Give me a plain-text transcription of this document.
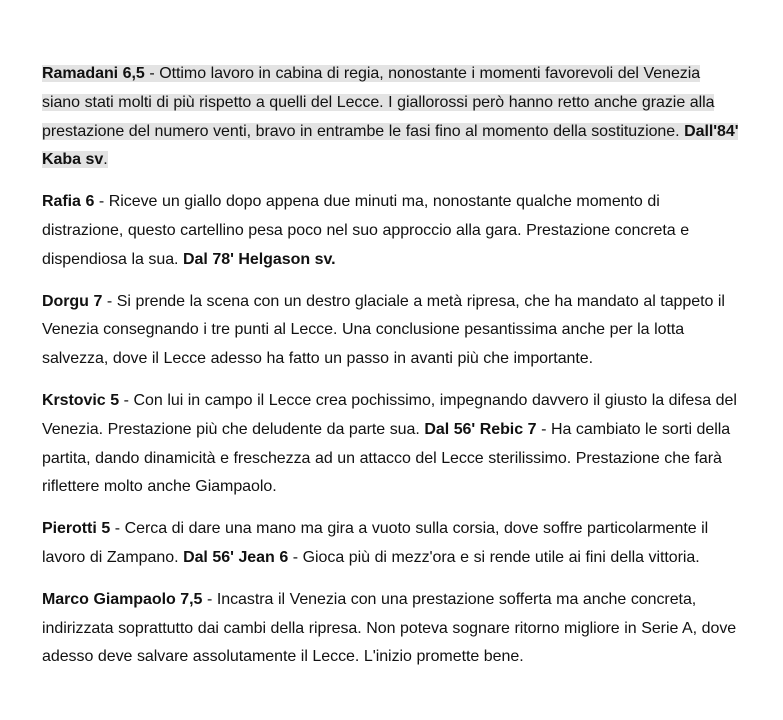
Ramadani 6,5 - Ottimo lavoro in cabina di regia, nonostante i momenti favorevoli del Venezia siano stati molti di più rispetto a quelli del Lecce. I giallorossi però hanno retto anche grazie alla prestazione del numero venti, bravo in entrambe le fasi fino al momento della sostituzione. Dall'84' Kaba sv.

Rafia 6 - Riceve un giallo dopo appena due minuti ma, nonostante qualche momento di distrazione, questo cartellino pesa poco nel suo approccio alla gara. Prestazione concreta e dispendiosa la sua. Dal 78' Helgason sv.

Dorgu 7 - Si prende la scena con un destro glaciale a metà ripresa, che ha mandato al tappeto il Venezia consegnando i tre punti al Lecce. Una conclusione pesantissima anche per la lotta salvezza, dove il Lecce adesso ha fatto un passo in avanti più che importante.

Krstovic 5 - Con lui in campo il Lecce crea pochissimo, impegnando davvero il giusto la difesa del Venezia. Prestazione più che deludente da parte sua. Dal 56' Rebic 7 - Ha cambiato le sorti della partita, dando dinamicità e freschezza ad un attacco del Lecce sterilissimo. Prestazione che farà riflettere molto anche Giampaolo.

Pierotti 5 - Cerca di dare una mano ma gira a vuoto sulla corsia, dove soffre particolarmente il lavoro di Zampano. Dal 56' Jean 6 - Gioca più di mezz'ora e si rende utile ai fini della vittoria.

Marco Giampaolo 7,5 - Incastra il Venezia con una prestazione sofferta ma anche concreta, indirizzata soprattutto dai cambi della ripresa. Non poteva sognare ritorno migliore in Serie A, dove adesso deve salvare assolutamente il Lecce. L'inizio promette bene.
